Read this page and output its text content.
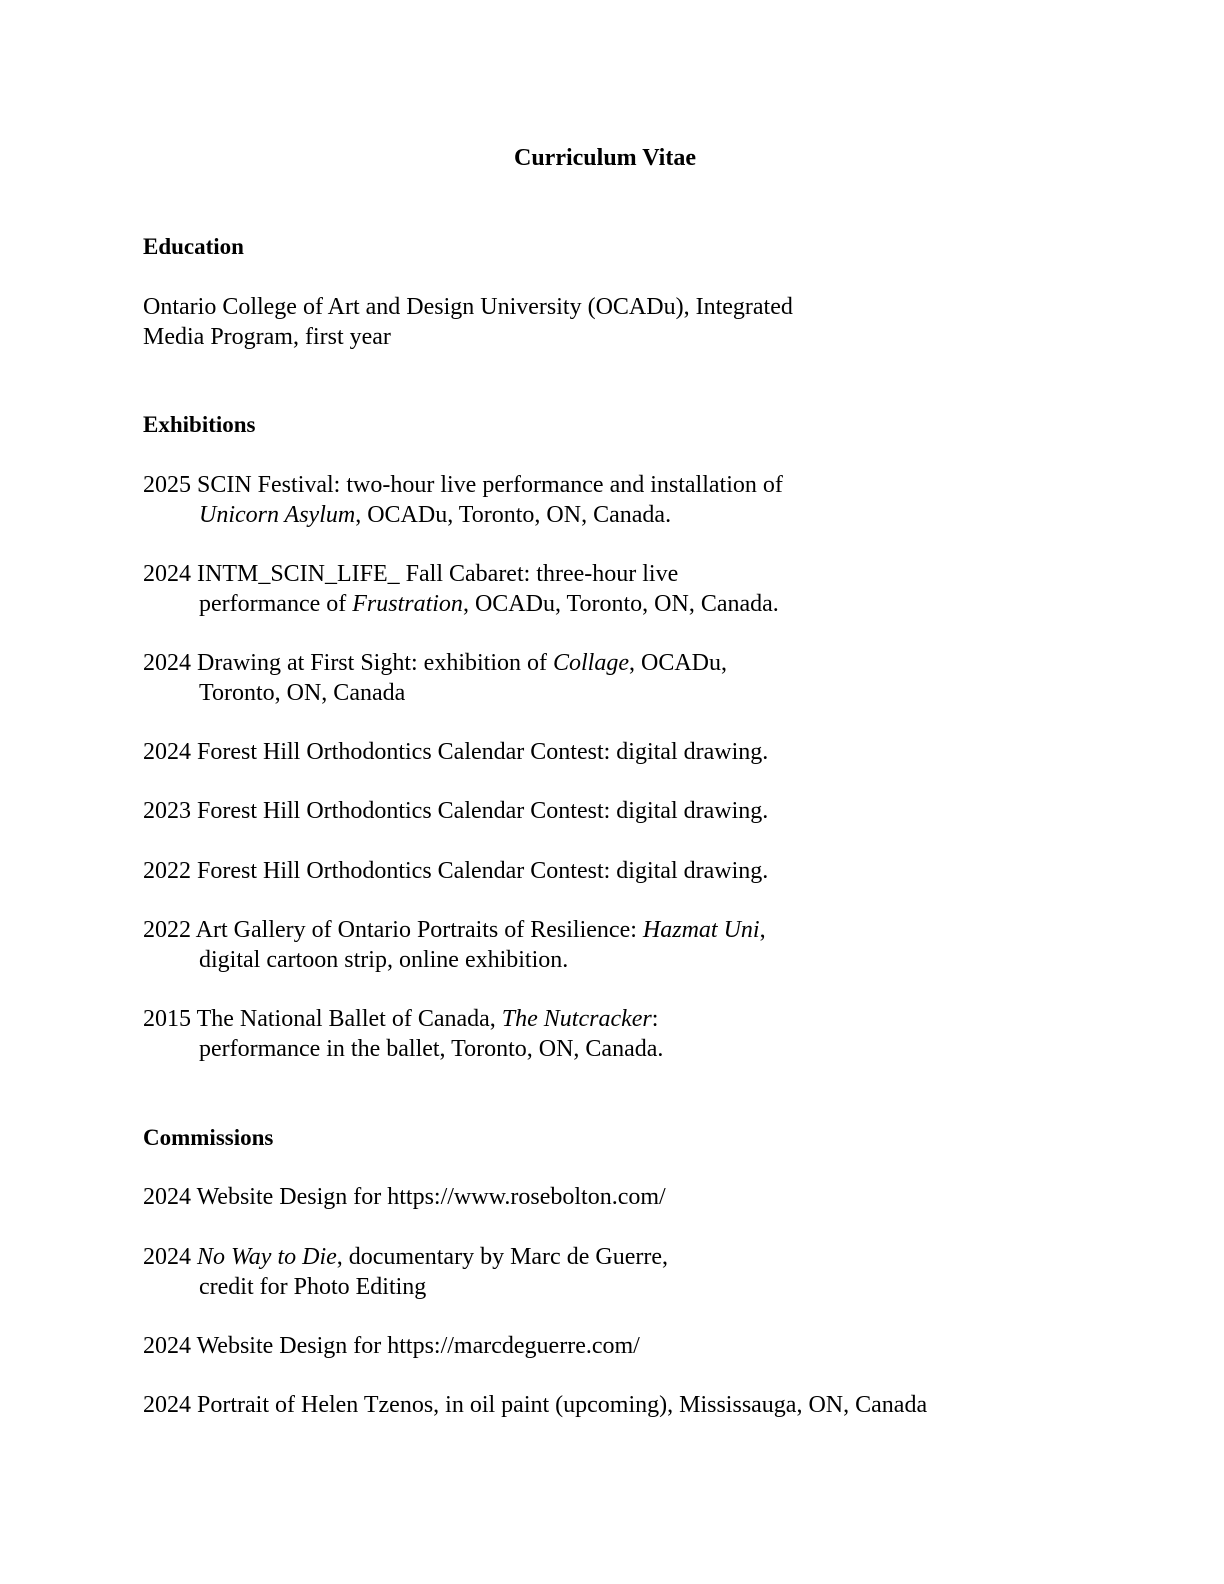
Curriculum Vitae
Education
Ontario College of Art and Design University (OCADu), Integrated
Media Program, first year
Exhibitions
2025 SCIN Festival: two-hour live performance and installation of
Unicorn Asylum, OCADu, Toronto, ON, Canada.
2024 INTM_SCIN_LIFE_ Fall Cabaret: three-hour live
performance of Frustration, OCADu, Toronto, ON, Canada.
2024 Drawing at First Sight: exhibition of Collage, OCADu,
Toronto, ON, Canada
2024 Forest Hill Orthodontics Calendar Contest: digital drawing.
2023 Forest Hill Orthodontics Calendar Contest: digital drawing.
2022 Forest Hill Orthodontics Calendar Contest: digital drawing.
2022 Art Gallery of Ontario Portraits of Resilience: Hazmat Uni,
digital cartoon strip, online exhibition.
2015 The National Ballet of Canada, The Nutcracker:
performance in the ballet, Toronto, ON, Canada.
Commissions
2024 Website Design for https://www.rosebolton.com/
2024 No Way to Die, documentary by Marc de Guerre,
credit for Photo Editing
2024 Website Design for https://marcdeguerre.com/
2024 Portrait of Helen Tzenos, in oil paint (upcoming), Mississauga, ON, Canada
